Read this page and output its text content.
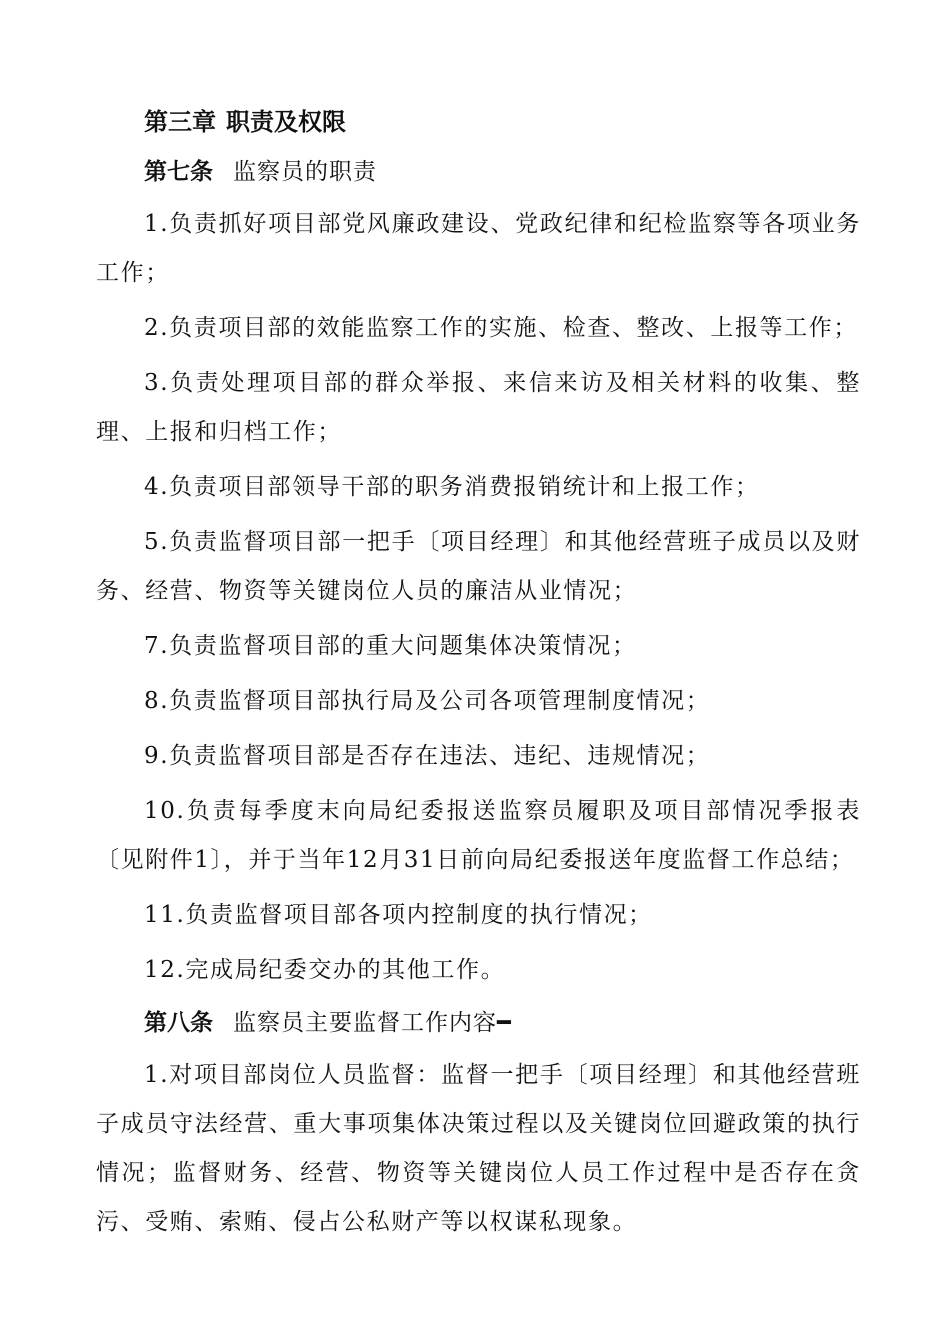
第三章 职责及权限
第七条 监察员的职责

1.负责抓好项目部党风廉政建设、党政纪律和纪检监察等各项业务工作；

2.负责项目部的效能监察工作的实施、检查、整改、上报等工作；

3.负责处理项目部的群众举报、来信来访及相关材料的收集、整理、上报和归档工作；

4.负责项目部领导干部的职务消费报销统计和上报工作；

5.负责监督项目部一把手〔项目经理〕和其他经营班子成员以及财务、经营、物资等关键岗位人员的廉洁从业情况；

7.负责监督项目部的重大问题集体决策情况；

8.负责监督项目部执行局及公司各项管理制度情况；

9.负责监督项目部是否存在违法、违纪、违规情况；

10.负责每季度末向局纪委报送监察员履职及项目部情况季报表〔见附件1〕，并于当年12月31日前向局纪委报送年度监督工作总结；

11.负责监督项目部各项内控制度的执行情况；

12.完成局纪委交办的其他工作。

第八条 监察员主要监督工作内容━

1.对项目部岗位人员监督：监督一把手〔项目经理〕和其他经营班子成员守法经营、重大事项集体决策过程以及关键岗位回避政策的执行情况；监督财务、经营、物资等关键岗位人员工作过程中是否存在贪污、受贿、索贿、侵占公私财产等以权谋私现象。
